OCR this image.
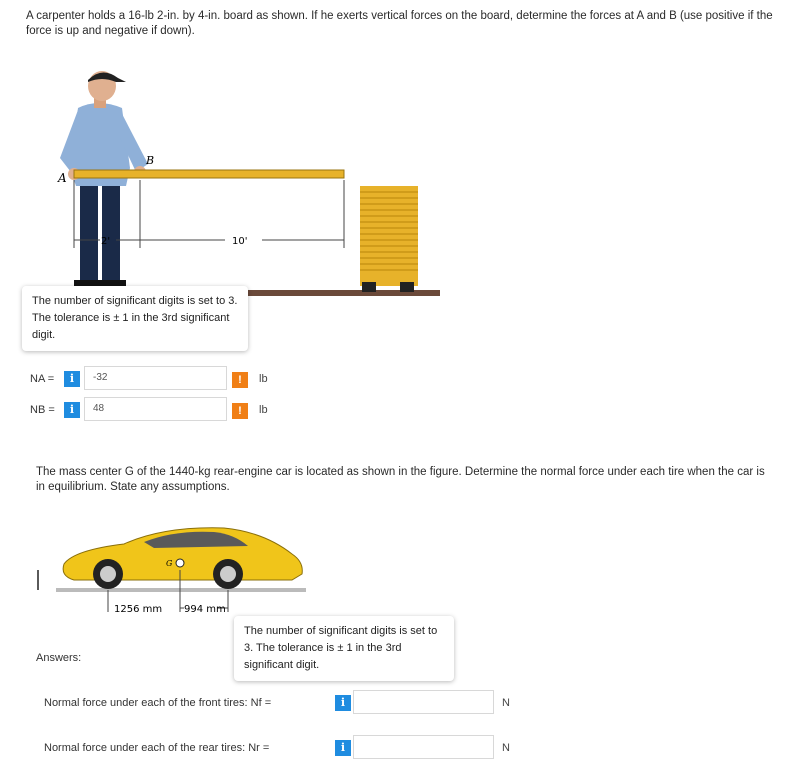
A carpenter holds a 16-lb 2-in. by 4-in. board as shown. If he exerts vertical forces on the board, determine the forces at A and B (use positive if the force is up and negative if down).
A
B
2'	10'
The number of significant digits is set to 3. The tolerance is ± 1 in the 3rd significant digit.
NA =	i	-32	!	lb
NB =	i	48	!	lb
The mass center G of the 1440-kg rear-engine car is located as shown in the figure. Determine the normal force under each tire when the car is in equilibrium. State any assumptions.
G
1256 mm 994 mm
Answers:
The number of significant digits is set to 3. The tolerance is ± 1 in the 3rd significant digit.
Normal force under each of the front tires: Nf =	i	N
Normal force under each of the rear tires: Nr =	i	N
